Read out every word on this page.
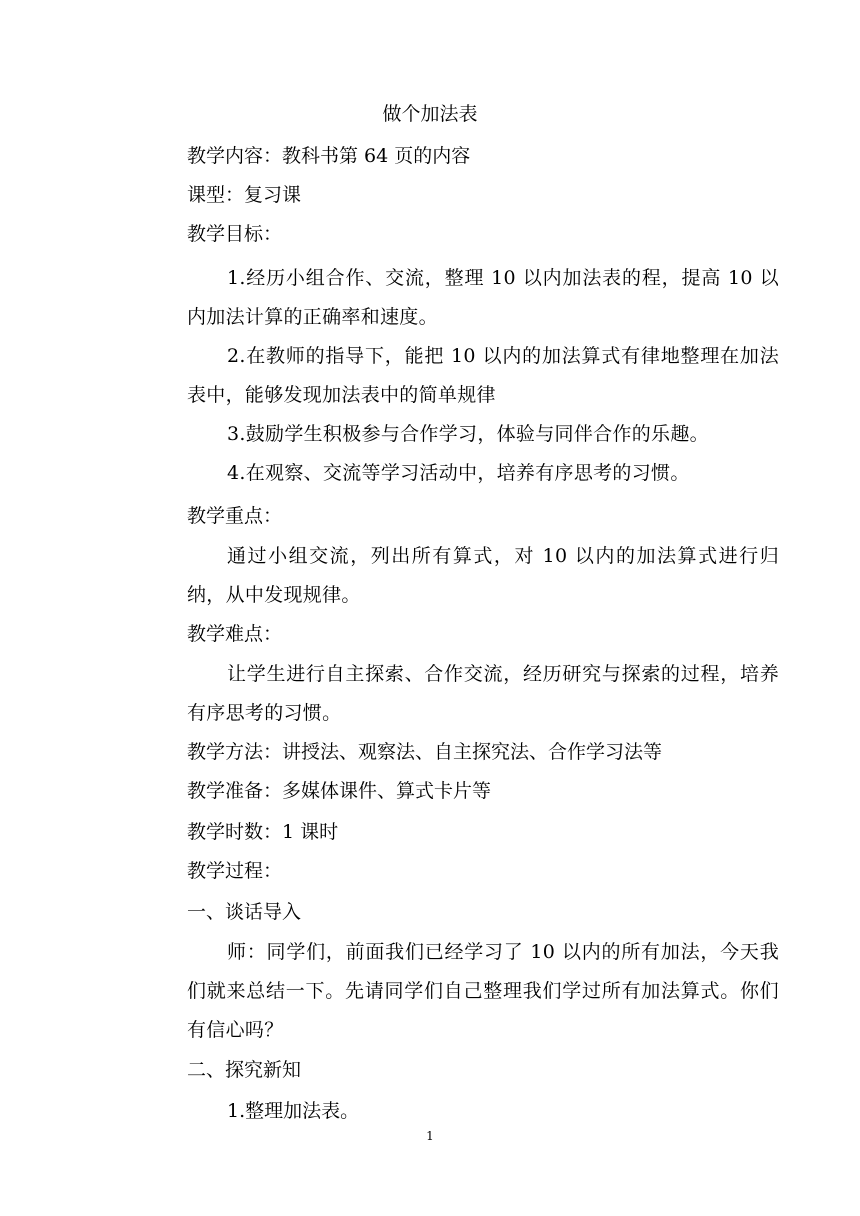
做个加法表
教学内容：教科书第 64 页的内容
课型：复习课
教学目标：
1.经历小组合作、交流，整理 10 以内加法表的程，提高 10 以内加法计算的正确率和速度。
2.在教师的指导下，能把 10 以内的加法算式有律地整理在加法表中，能够发现加法表中的简单规律
3.鼓励学生积极参与合作学习，体验与同伴合作的乐趣。
4.在观察、交流等学习活动中，培养有序思考的习惯。
教学重点：
通过小组交流，列出所有算式，对 10 以内的加法算式进行归纳，从中发现规律。
教学难点：
让学生进行自主探索、合作交流，经历研究与探索的过程，培养有序思考的习惯。
教学方法：讲授法、观察法、自主探究法、合作学习法等
教学准备：多媒体课件、算式卡片等
教学时数：1 课时
教学过程：
一、谈话导入
师：同学们，前面我们已经学习了 10 以内的所有加法，今天我们就来总结一下。先请同学们自己整理我们学过所有加法算式。你们有信心吗？
二、探究新知
1.整理加法表。
1
